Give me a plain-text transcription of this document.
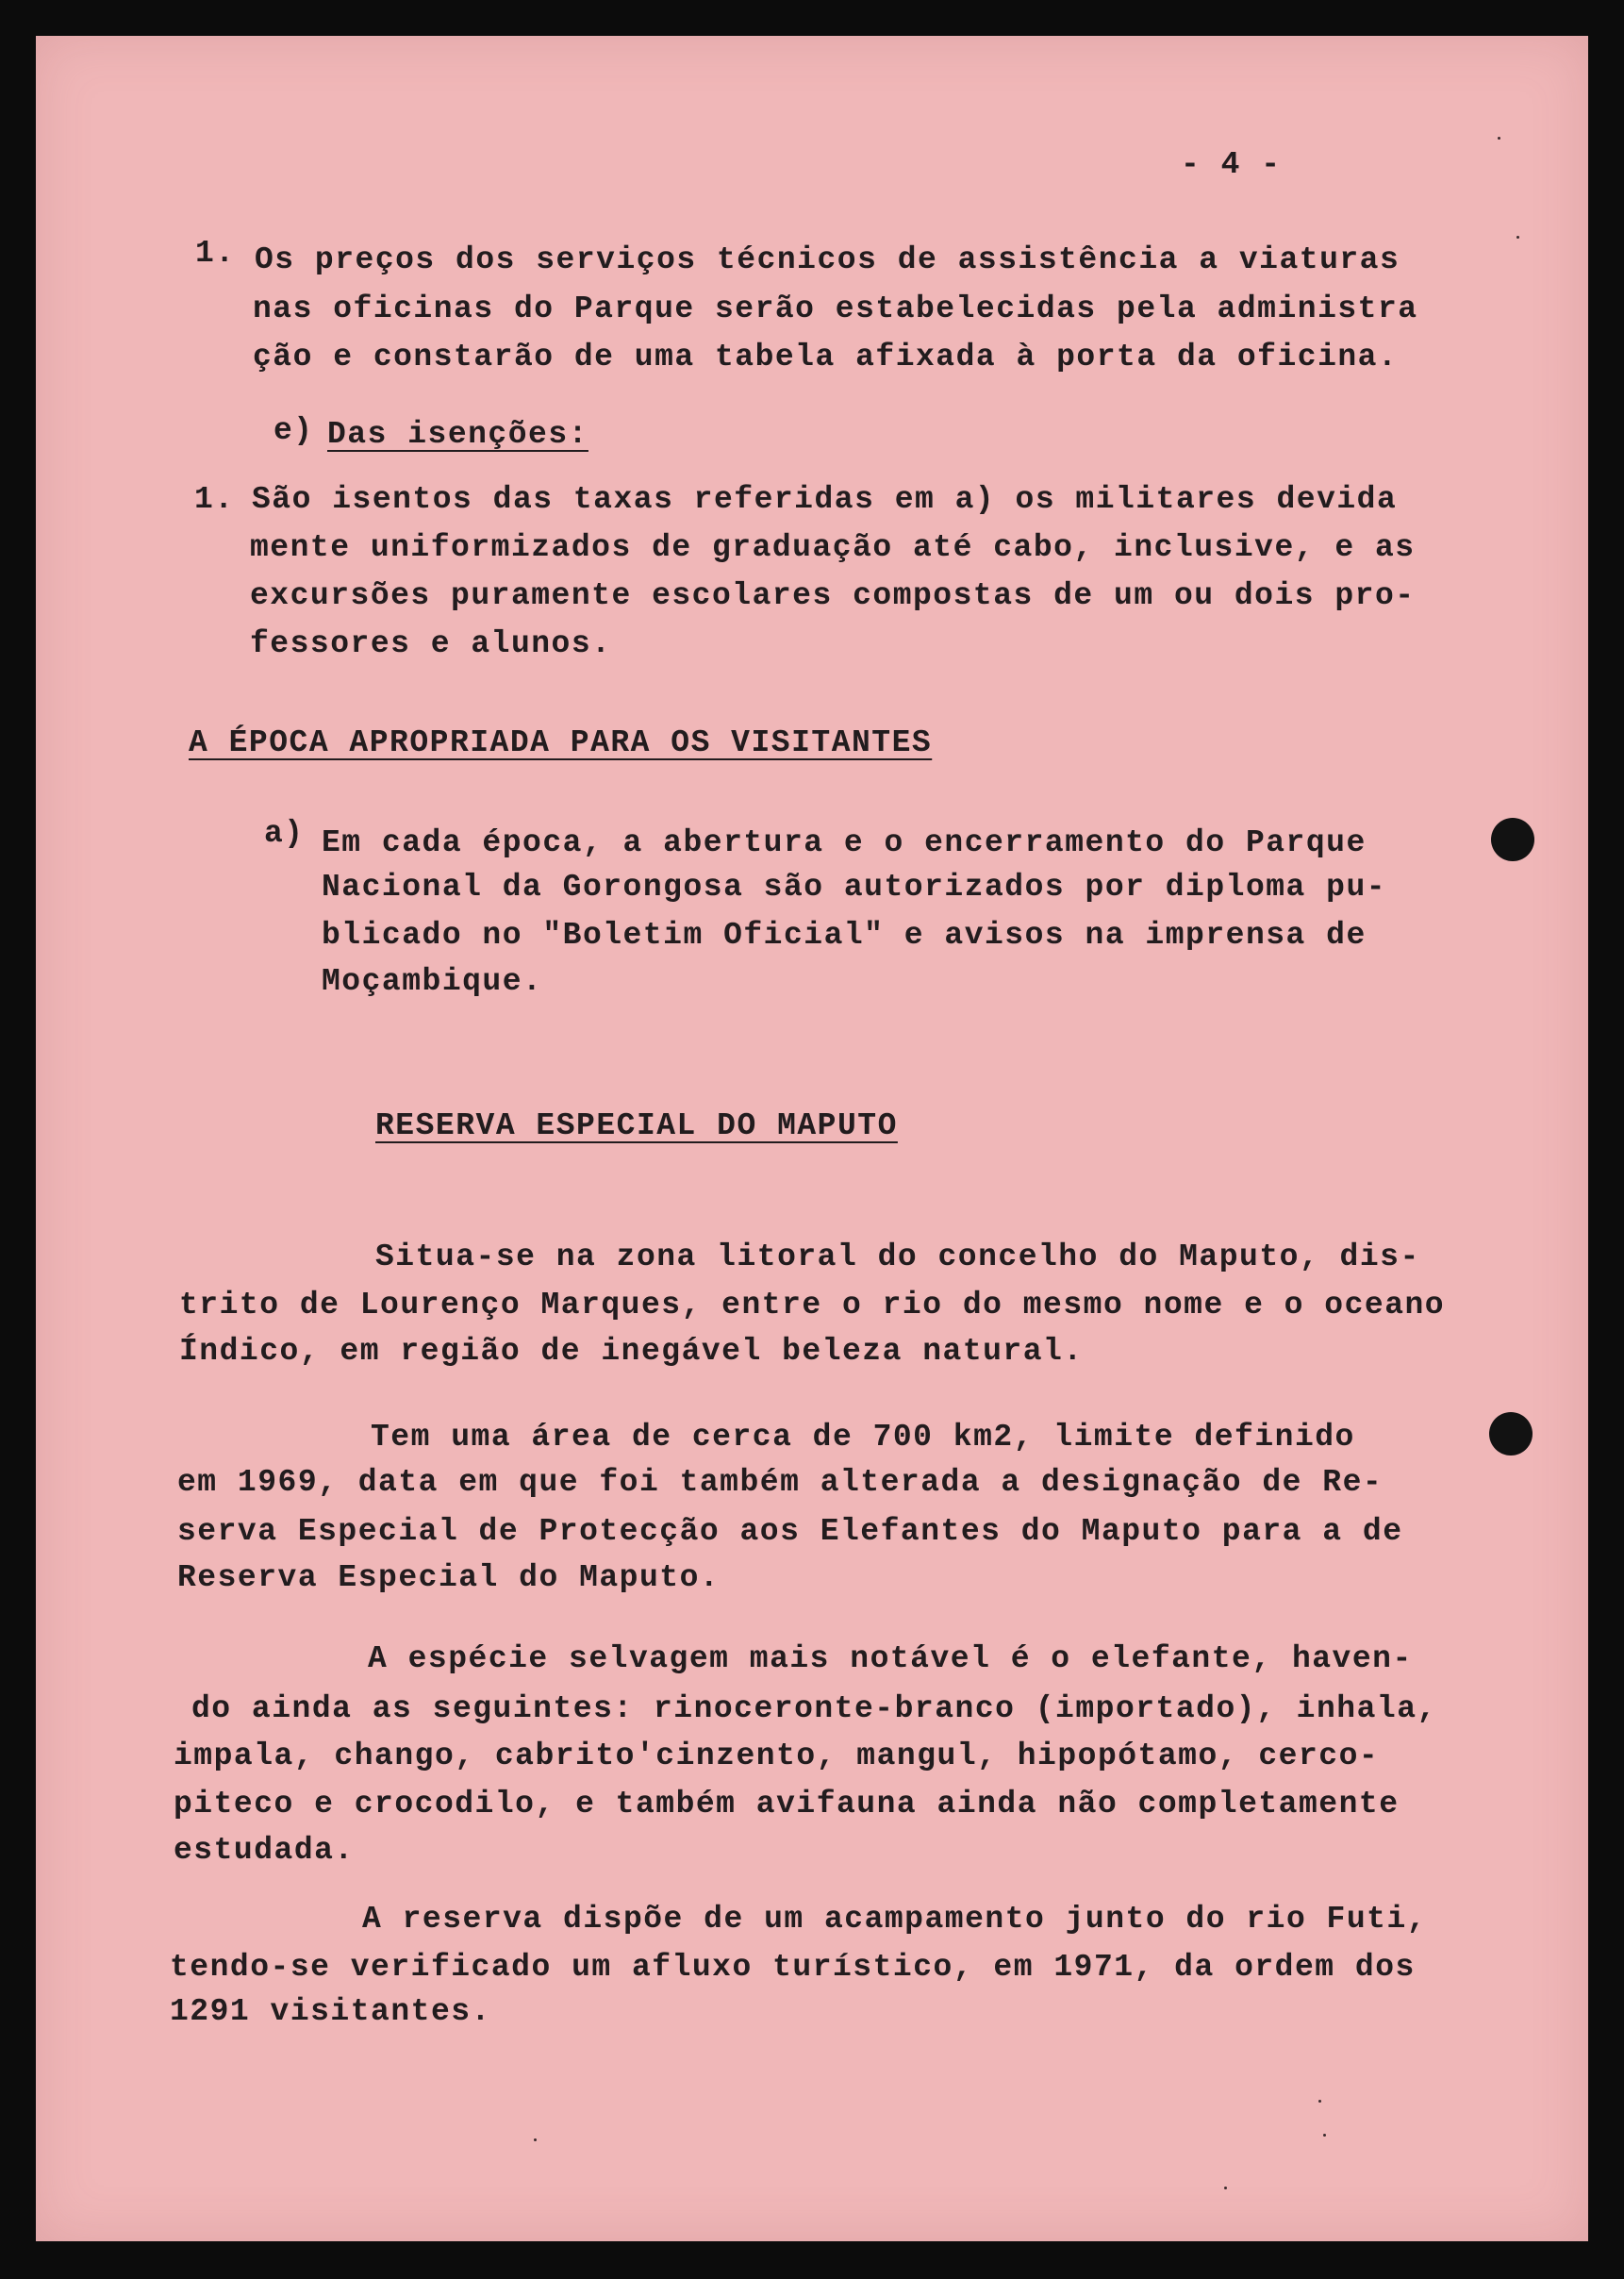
- 4 -

1. Os preços dos serviços técnicos de assistência a viaturas

nas oficinas do Parque serão estabelecidas pela administra

ção e constarão de uma tabela afixada à porta da oficina.

e) Das isenções:

1. São isentos das taxas referidas em a) os militares devida

mente uniformizados de graduação até cabo, inclusive, e as

excursões puramente escolares compostas de um ou dois pro-

fessores e alunos.

A ÉPOCA APROPRIADA PARA OS VISITANTES

a) Em cada época, a abertura e o encerramento do Parque

Nacional da Gorongosa são autorizados por diploma pu-

blicado no "Boletim Oficial" e avisos na imprensa de

Moçambique.

RESERVA ESPECIAL DO MAPUTO

Situa-se na zona litoral do concelho do Maputo, dis-

trito de Lourenço Marques, entre o rio do mesmo nome e o oceano

Índico, em região de inegável beleza natural.

Tem uma área de cerca de 700 km2, limite definido

em 1969, data em que foi também alterada a designação de Re-

serva Especial de Protecção aos Elefantes do Maputo para a de

Reserva Especial do Maputo.

A espécie selvagem mais notável é o elefante, haven-

do ainda as seguintes: rinoceronte-branco (importado), inhala,

impala, chango, cabrito'cinzento, mangul, hipopótamo, cerco-

piteco e crocodilo, e também avifauna ainda não completamente

estudada.

A reserva dispõe de um acampamento junto do rio Futi,

tendo-se verificado um afluxo turístico, em 1971, da ordem dos

1291 visitantes.
